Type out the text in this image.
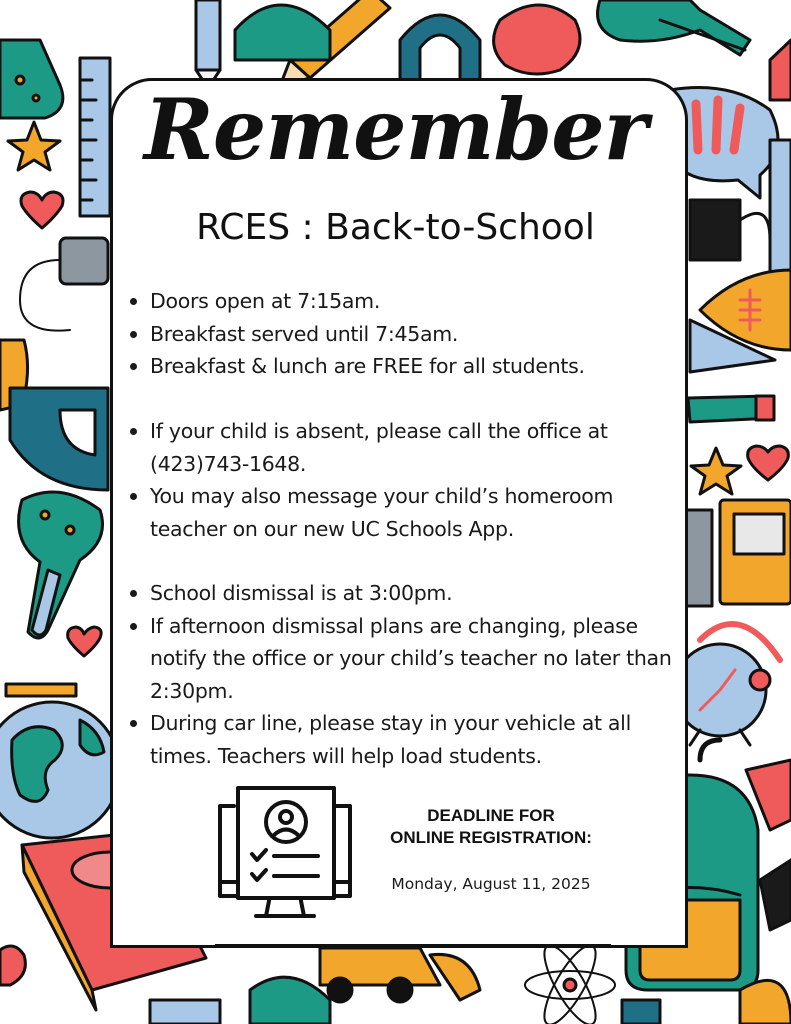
Remember
RCES : Back-to-School
Doors open at 7:15am.
Breakfast served until 7:45am.
Breakfast & lunch are FREE for all students.
If your child is absent, please call the office at (423)743-1648.
You may also message your child’s homeroom teacher on our new UC Schools App.
School dismissal is at 3:00pm.
If afternoon dismissal plans are changing, please notify the office or your child’s teacher no later than 2:30pm.
During car line, please stay in your vehicle at all times. Teachers will help load students.
DEADLINE FOR
ONLINE REGISTRATION:
Monday, August 11, 2025
